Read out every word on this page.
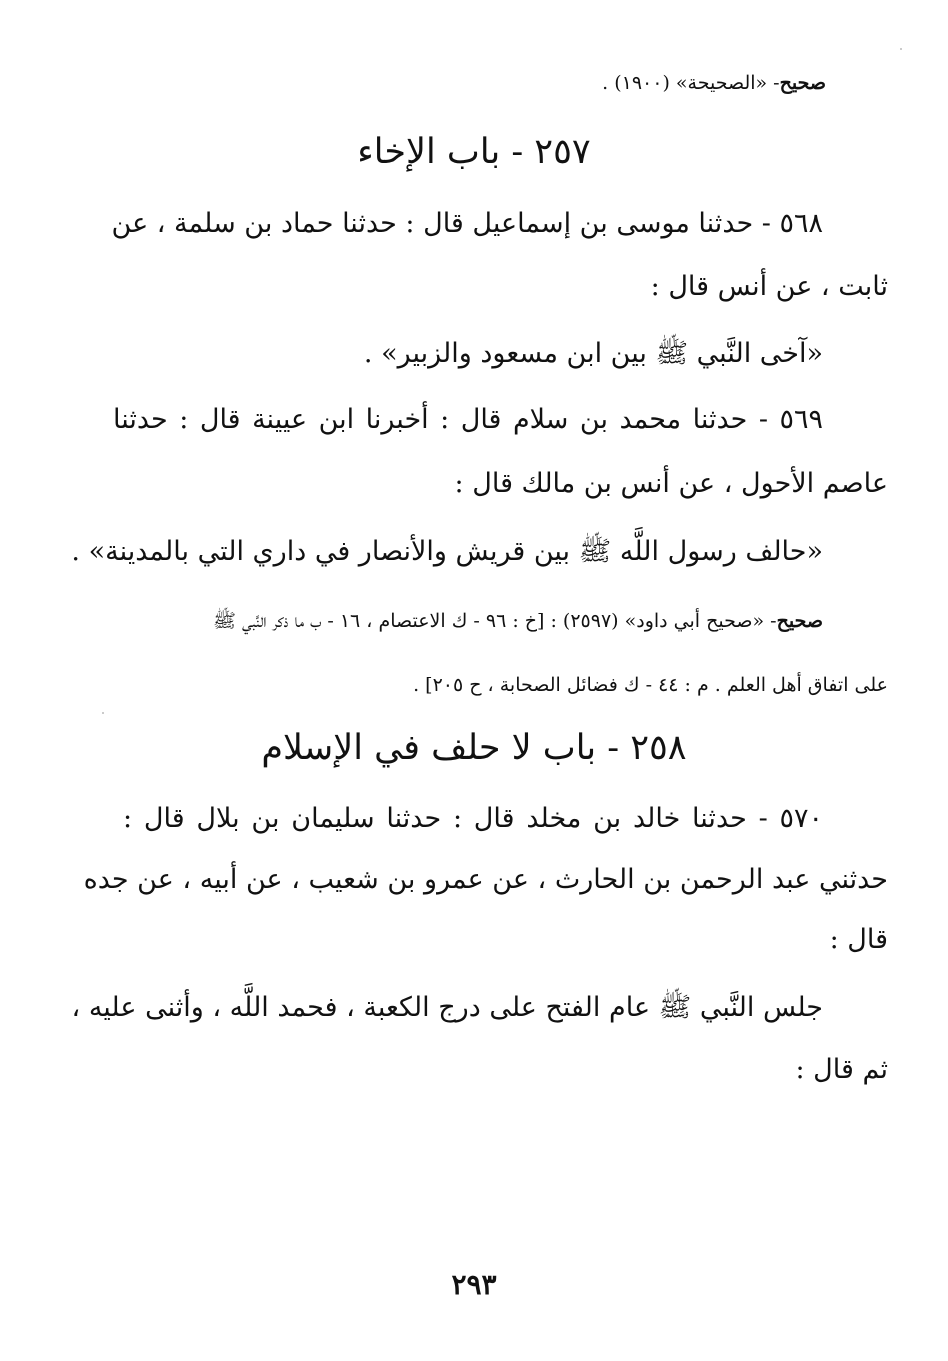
صحيح- «الصحيحة» (١٩٠٠) .
٢٥٧ - باب الإخاء
٥٦٨ - حدثنا موسى بن إسماعيل قال : حدثنا حماد بن سلمة ، عن
ثابت ، عن أنس قال :
«آخى النَّبي ﷺ بين ابن مسعود والزبير» .
٥٦٩ - حدثنا محمد بن سلام قال : أخبرنا ابن عيينة قال : حدثنا
عاصم الأحول ، عن أنس بن مالك قال :
«حالف رسول اللَّه ﷺ بين قريش والأنصار في داري التي بالمدينة» .
صحيح- «صحيح أبي داود» (٢٥٩٧) : [خ : ٩٦ - ك الاعتصام ، ١٦ - ب ما ذكر النَّبي ﷺ
على اتفاق أهل العلم . م : ٤٤ - ك فضائل الصحابة ، ح ٢٠٥] .
٢٥٨ - باب لا حلف في الإسلام
٥٧٠ - حدثنا خالد بن مخلد قال : حدثنا سليمان بن بلال قال :
حدثني عبد الرحمن بن الحارث ، عن عمرو بن شعيب ، عن أبيه ، عن جده
قال :
جلس النَّبي ﷺ عام الفتح على درج الكعبة ، فحمد اللَّه ، وأثنى عليه ،
ثم قال :
٢٩٣
